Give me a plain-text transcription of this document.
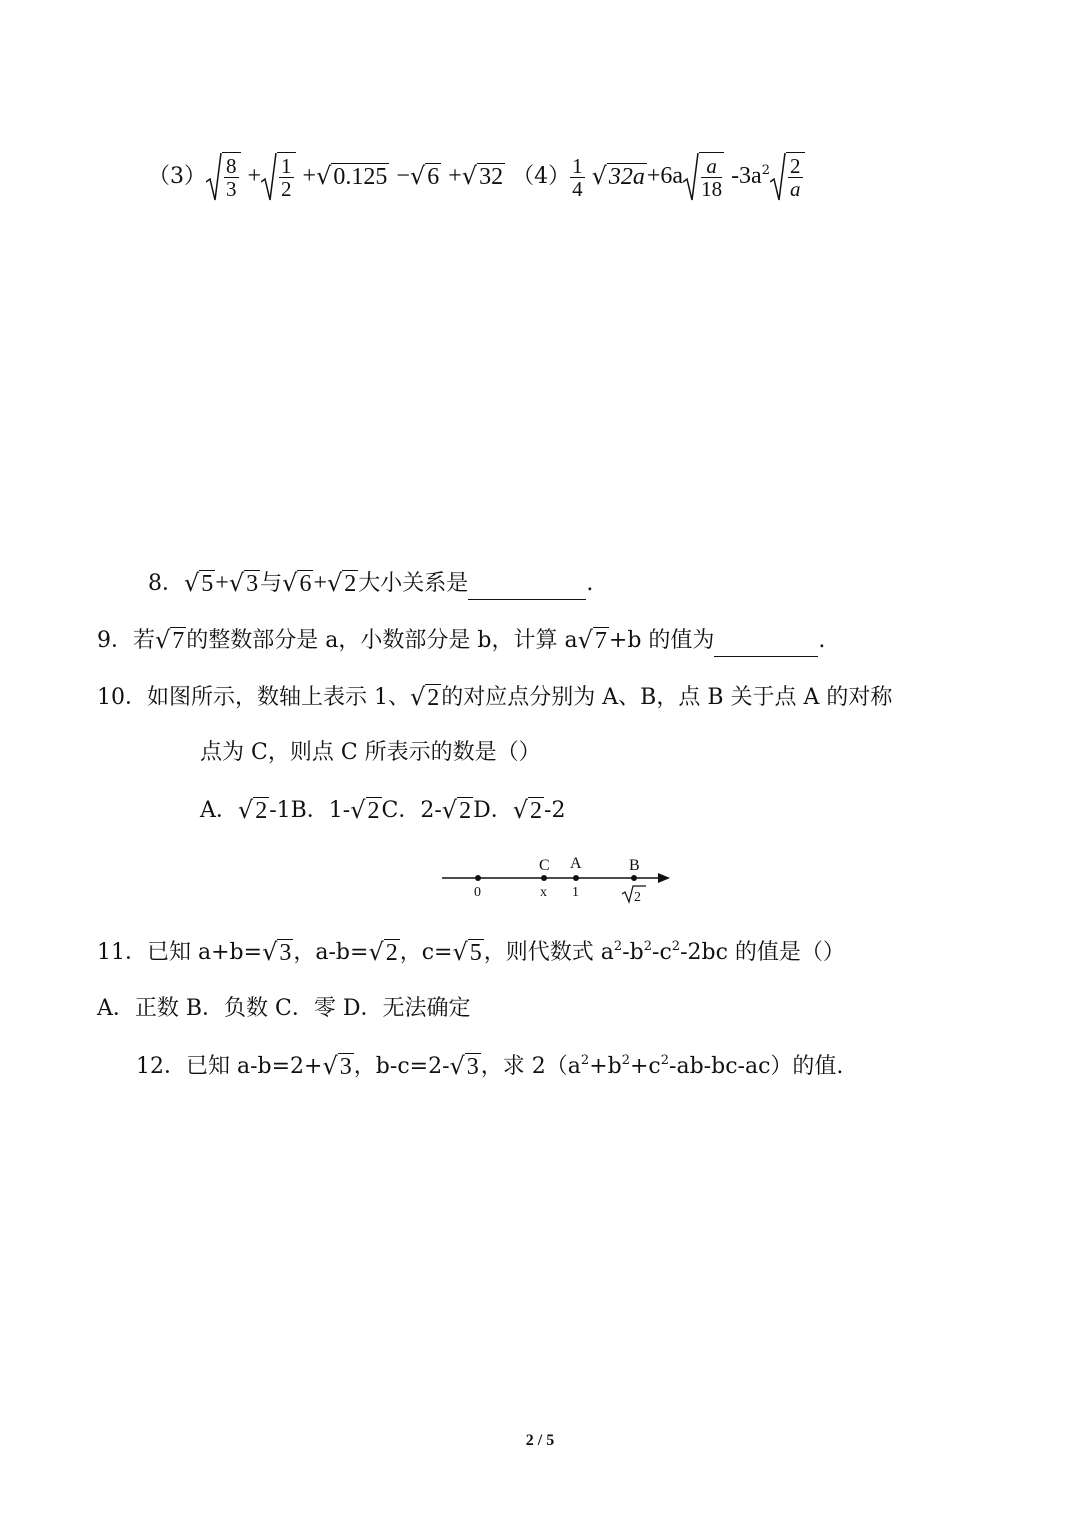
$(3) \frac{8}{3} + \frac{1}{2} +√0.125 -√6 +√32$ $(4) \frac{1}{4} √32a+6a \frac{a}{18} -3a^2 \frac{2}{a}$
8．√5+√3与√6+√2大小关系是	.
9．若√7的整数部分是 a，小数部分是 b，计算 a√7+b 的值为	.
10．如图所示，数轴上表示 1、√2的对应点分别为 A、B，点 B 关于点 A 的对称
点为 C，则点 C 所表示的数是（）
A．√2-1B．1-√2C．2-√2D．√2-2
C A	B
0	x 1	2
11．已知 a+b=√3，a-b=√2，c=√5，则代数式 $a^2-b^2-c^2-2bc$ 的值是（）
A．正数 B．负数 C．零 D．无法确定
12．已知 a-b=2+√3，b-c=2-√3，求 $2(a^2+b^2+c^2-ab-bc-ac)$的值.
2 / 5
